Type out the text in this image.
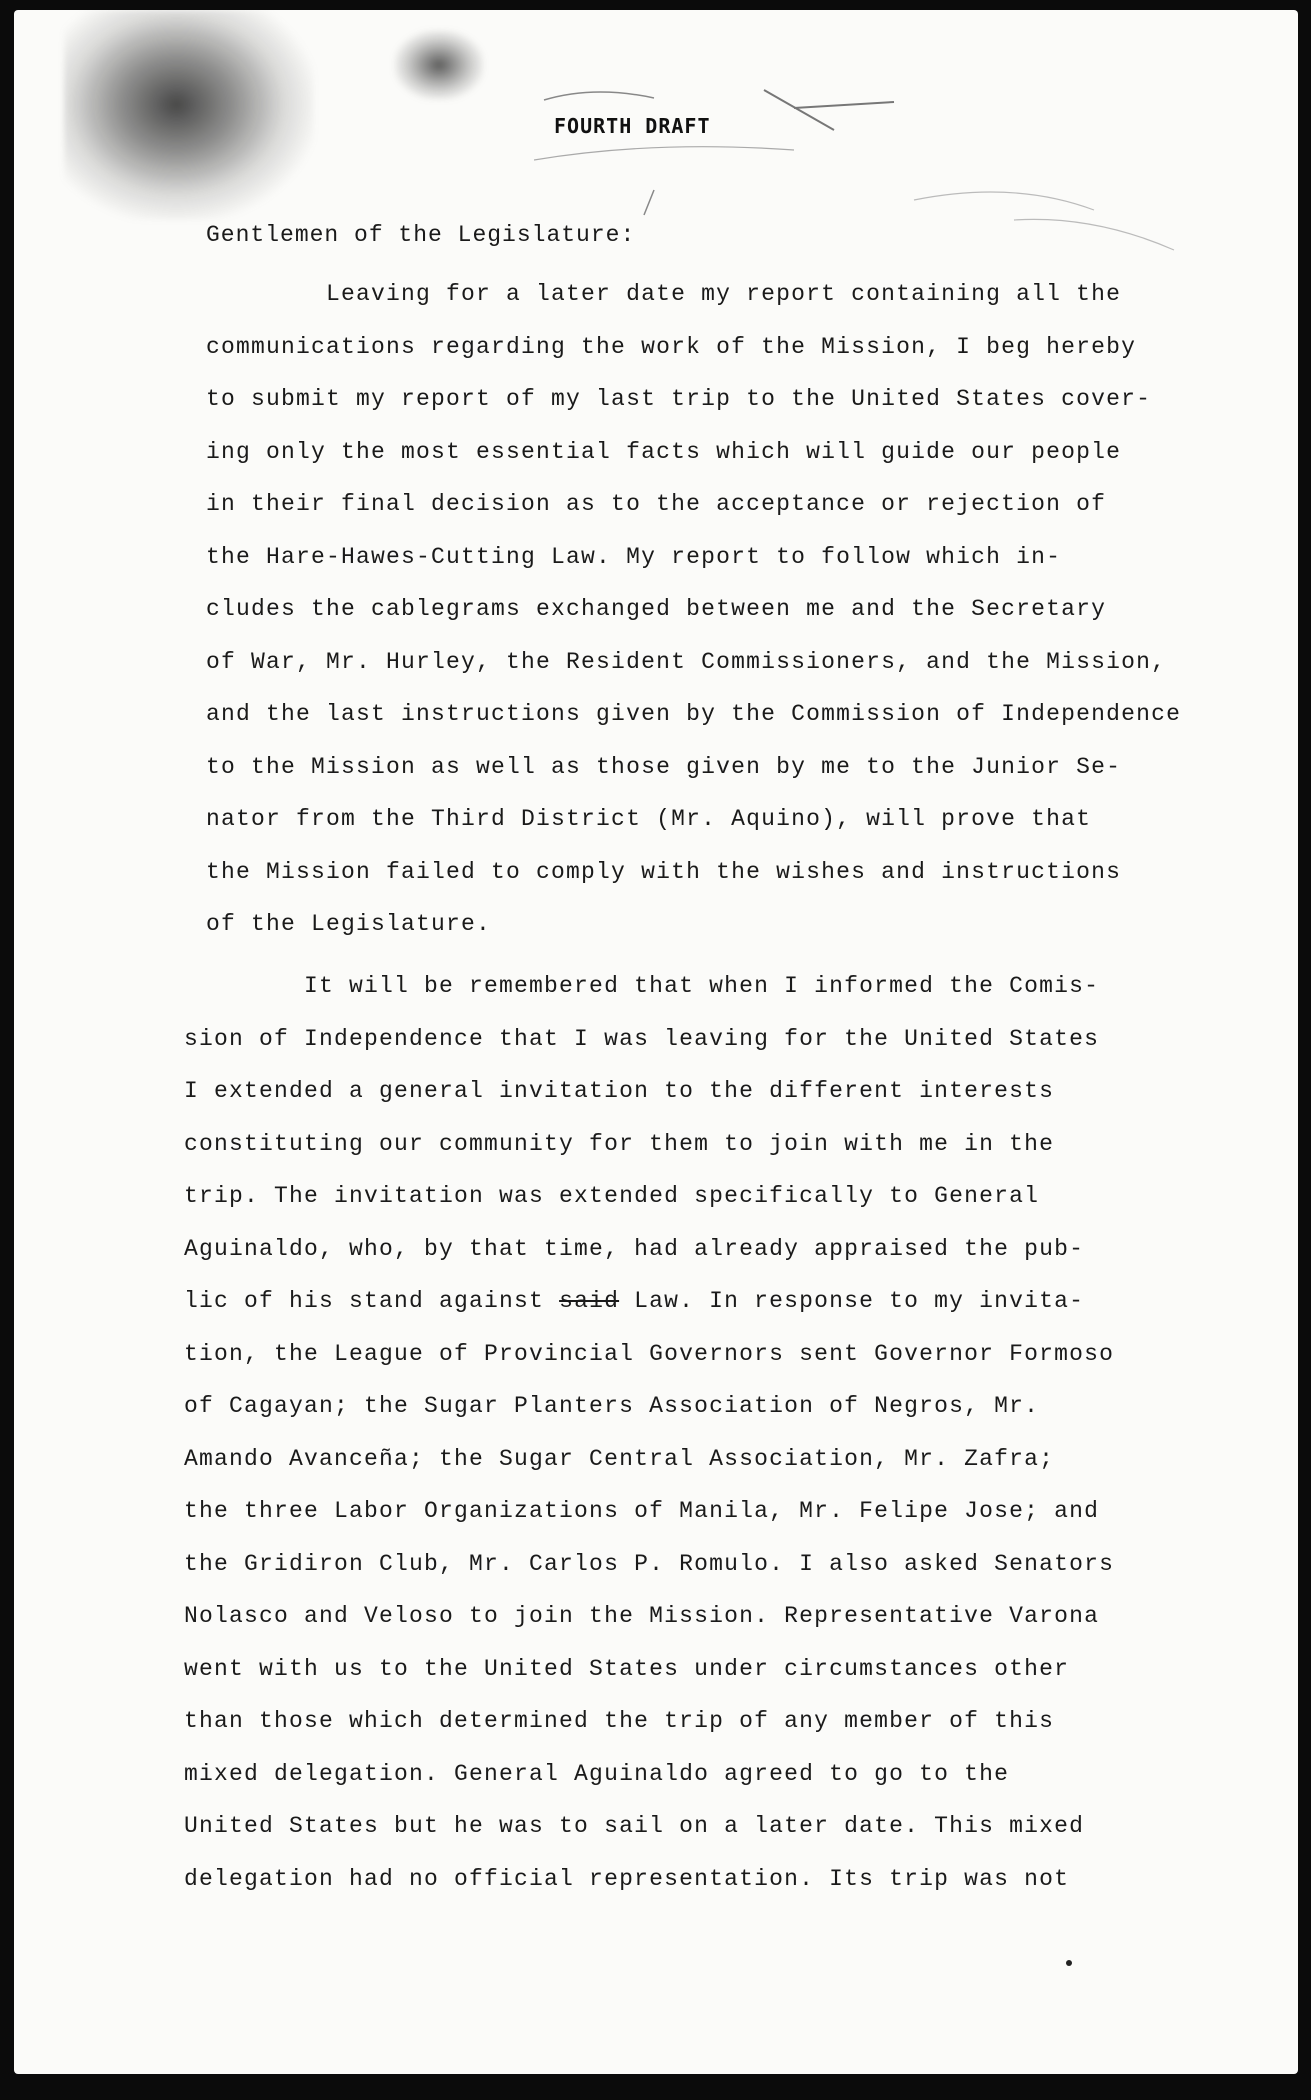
FOURTH DRAFT
Gentlemen of the Legislature:
Leaving for a later date my report containing all the
communications regarding the work of the Mission, I beg hereby
to submit my report of my last trip to the United States cover-
ing only the most essential facts which will guide our people
in their final decision as to the acceptance or rejection of
the Hare-Hawes-Cutting Law. My report to follow which in-
cludes the cablegrams exchanged between me and the Secretary
of War, Mr. Hurley, the Resident Commissioners, and the Mission,
and the last instructions given by the Commission of Independence
to the Mission as well as those given by me to the Junior Se-
nator from the Third District (Mr. Aquino), will prove that
the Mission failed to comply with the wishes and instructions
of the Legislature.
It will be remembered that when I informed the Comis-
sion of Independence that I was leaving for the United States
I extended a general invitation to the different interests
constituting our community for them to join with me in the
trip. The invitation was extended specifically to General
Aguinaldo, who, by that time, had already appraised the pub-
lic of his stand against said Law. In response to my invita-
tion, the League of Provincial Governors sent Governor Formoso
of Cagayan; the Sugar Planters Association of Negros, Mr.
Amando Avanceña; the Sugar Central Association, Mr. Zafra;
the three Labor Organizations of Manila, Mr. Felipe Jose; and
the Gridiron Club, Mr. Carlos P. Romulo. I also asked Senators
Nolasco and Veloso to join the Mission. Representative Varona
went with us to the United States under circumstances other
than those which determined the trip of any member of this
mixed delegation. General Aguinaldo agreed to go to the
United States but he was to sail on a later date. This mixed
delegation had no official representation. Its trip was not
